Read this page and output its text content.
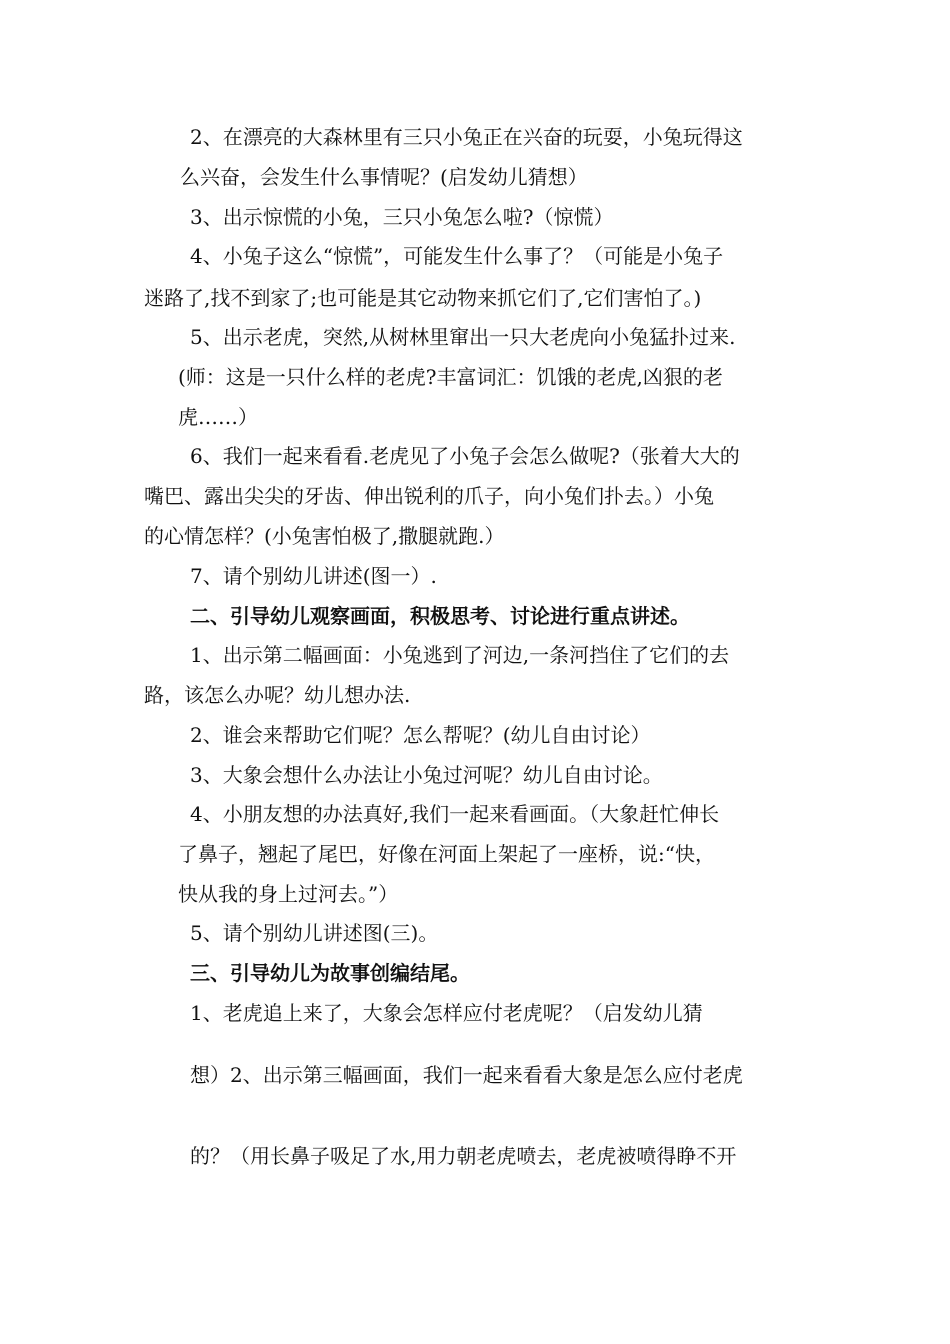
2、在漂亮的大森林里有三只小兔正在兴奋的玩耍，小兔玩得这
么兴奋，会发生什么事情呢？(启发幼儿猜想）
3、出示惊慌的小兔，三只小兔怎么啦?（惊慌）
4、小兔子这么“惊慌”，可能发生什么事了？（可能是小兔子
迷路了,找不到家了;也可能是其它动物来抓它们了,它们害怕了。)
5、出示老虎，突然,从树林里窜出一只大老虎向小兔猛扑过来.
(师：这是一只什么样的老虎?丰富词汇：饥饿的老虎,凶狠的老
虎……）
6、我们一起来看看.老虎见了小兔子会怎么做呢?（张着大大的
嘴巴、露出尖尖的牙齿、伸出锐利的爪子，向小兔们扑去。）小兔
的心情怎样？(小兔害怕极了,撒腿就跑.）
7、请个别幼儿讲述(图一）.
二、引导幼儿观察画面，积极思考、讨论进行重点讲述。
1、出示第二幅画面：小兔逃到了河边,一条河挡住了它们的去
路，该怎么办呢？幼儿想办法.
2、谁会来帮助它们呢？怎么帮呢？(幼儿自由讨论）
3、大象会想什么办法让小兔过河呢？幼儿自由讨论。
4、小朋友想的办法真好,我们一起来看画面。（大象赶忙伸长
了鼻子，翘起了尾巴，好像在河面上架起了一座桥，说:“快，
快从我的身上过河去。”）
5、请个别幼儿讲述图(三)。
三、引导幼儿为故事创编结尾。
1、老虎追上来了，大象会怎样应付老虎呢？（启发幼儿猜
想）2、出示第三幅画面，我们一起来看看大象是怎么应付老虎
的？（用长鼻子吸足了水,用力朝老虎喷去，老虎被喷得睁不开
